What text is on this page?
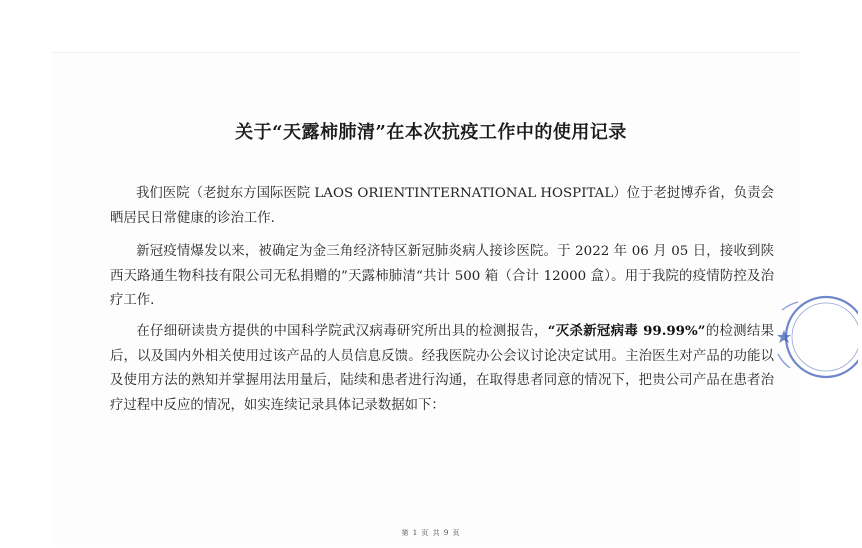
关于“天露柿肺清”在本次抗疫工作中的使用记录

我们医院（老挝东方国际医院 LAOS ORIENTINTERNATIONAL HOSPITAL）位于老挝博乔省，负责会晒居民日常健康的诊治工作.

新冠疫情爆发以来，被确定为金三角经济特区新冠肺炎病人接诊医院。于 2022 年 06 月 05 日，接收到陕西天路通生物科技有限公司无私捐赠的”天露柿肺清“共计 500 箱（合计 12000 盒）。用于我院的疫情防控及治疗工作.

在仔细研读贵方提供的中国科学院武汉病毒研究所出具的检测报告，“灭杀新冠病毒 99.99%”的检测结果后，以及国内外相关使用过该产品的人员信息反馈。经我医院办公会议讨论决定试用。主治医生对产品的功能以及使用方法的熟知并掌握用法用量后，陆续和患者进行沟通，在取得患者同意的情况下，把贵公司产品在患者治疗过程中反应的情况，如实连续记录具体记录数据如下：

第 1 页 共 9 页
